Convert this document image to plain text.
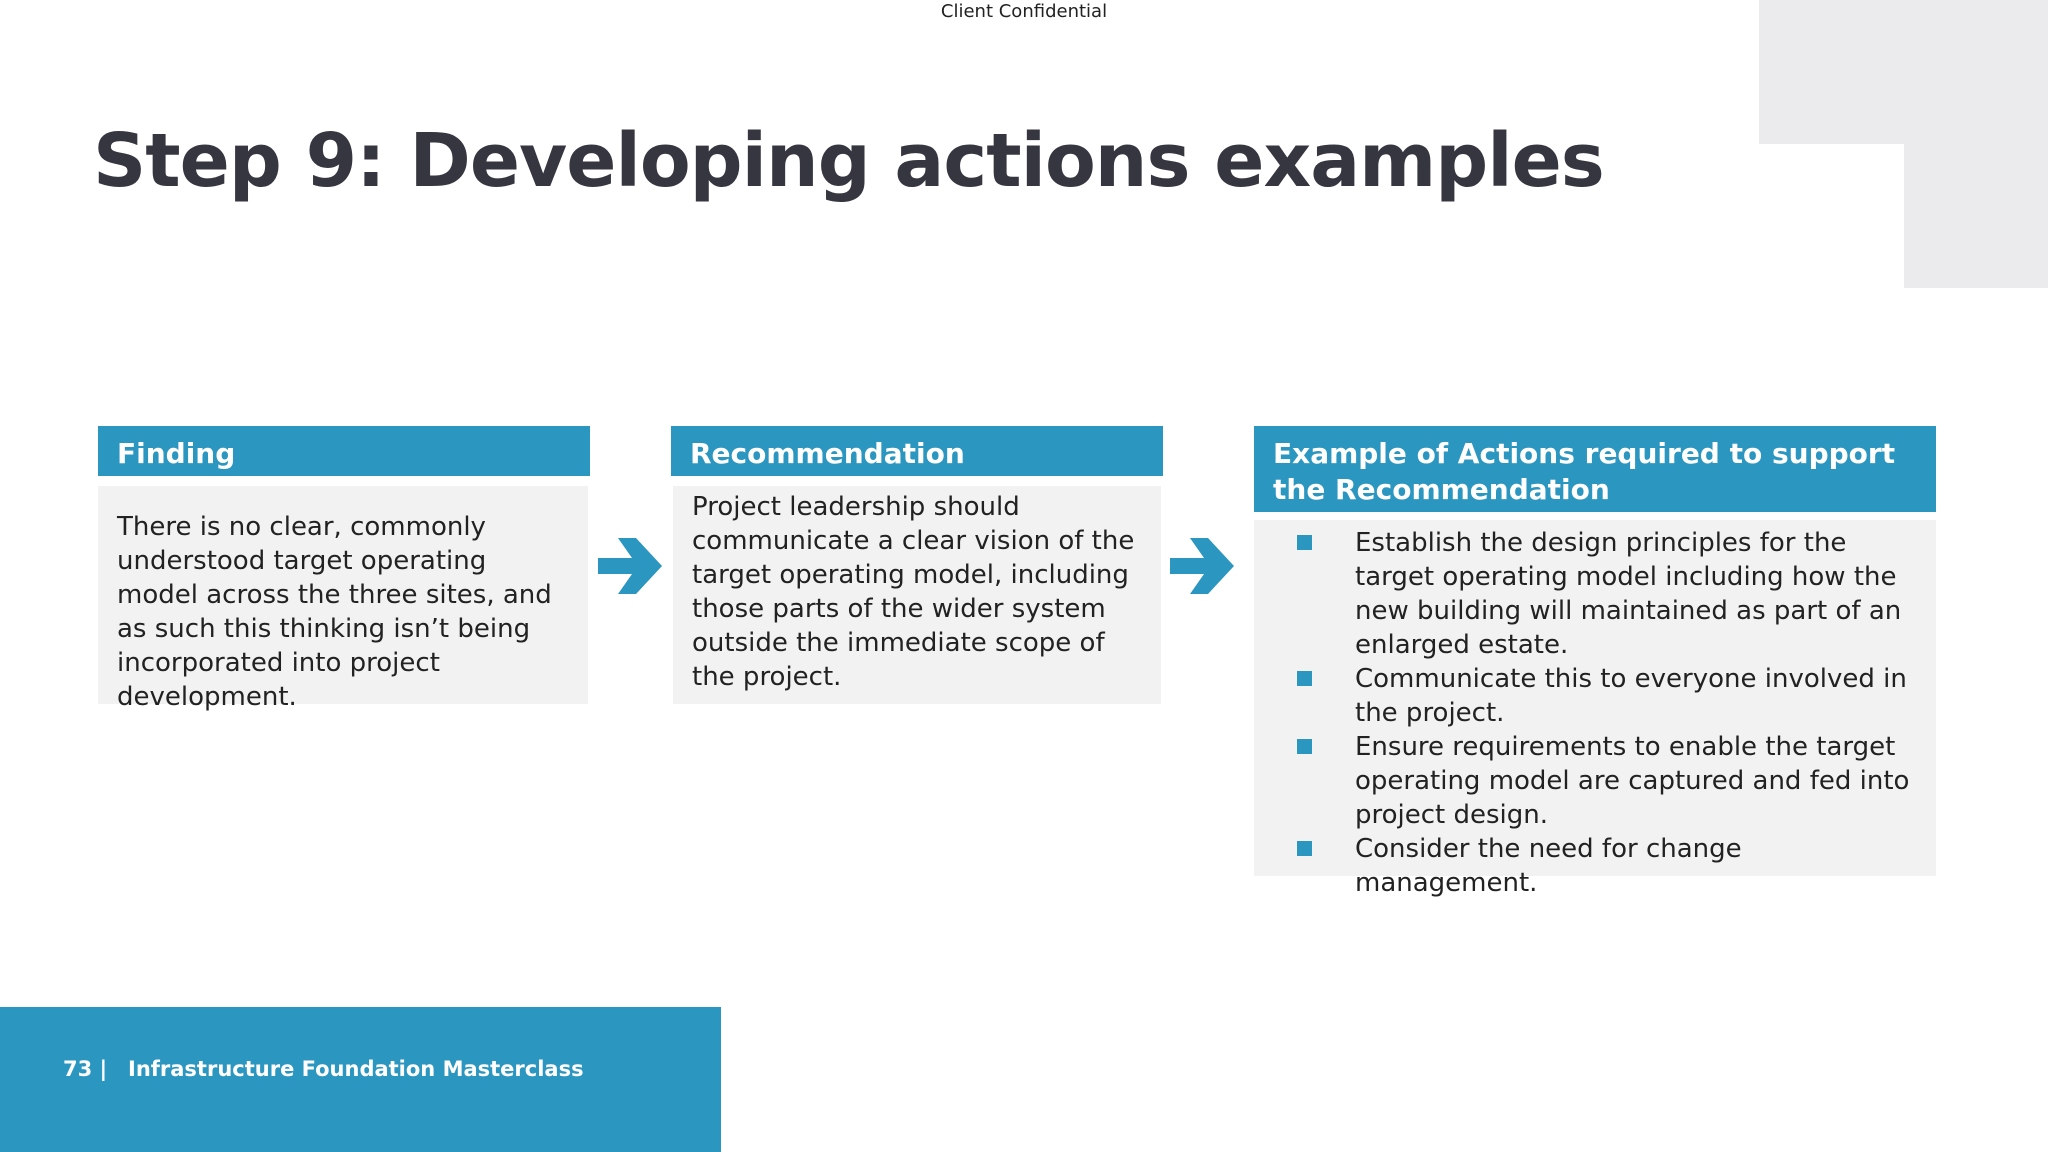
Client Confidential
Step 9: Developing actions examples
Finding
There is no clear, commonly understood target operating model across the three sites, and as such this thinking isn’t being incorporated into project development.
Recommendation
Project leadership should communicate a clear vision of the target operating model, including those parts of the wider system outside the immediate scope of the project.
Example of Actions required to support the Recommendation
Establish the design principles for the target operating model including how the new building will maintained as part of an enlarged estate.
Communicate this to everyone involved in the project.
Ensure requirements to enable the target operating model are captured and fed into project design.
Consider the need for change management.
73 | Infrastructure Foundation Masterclass
